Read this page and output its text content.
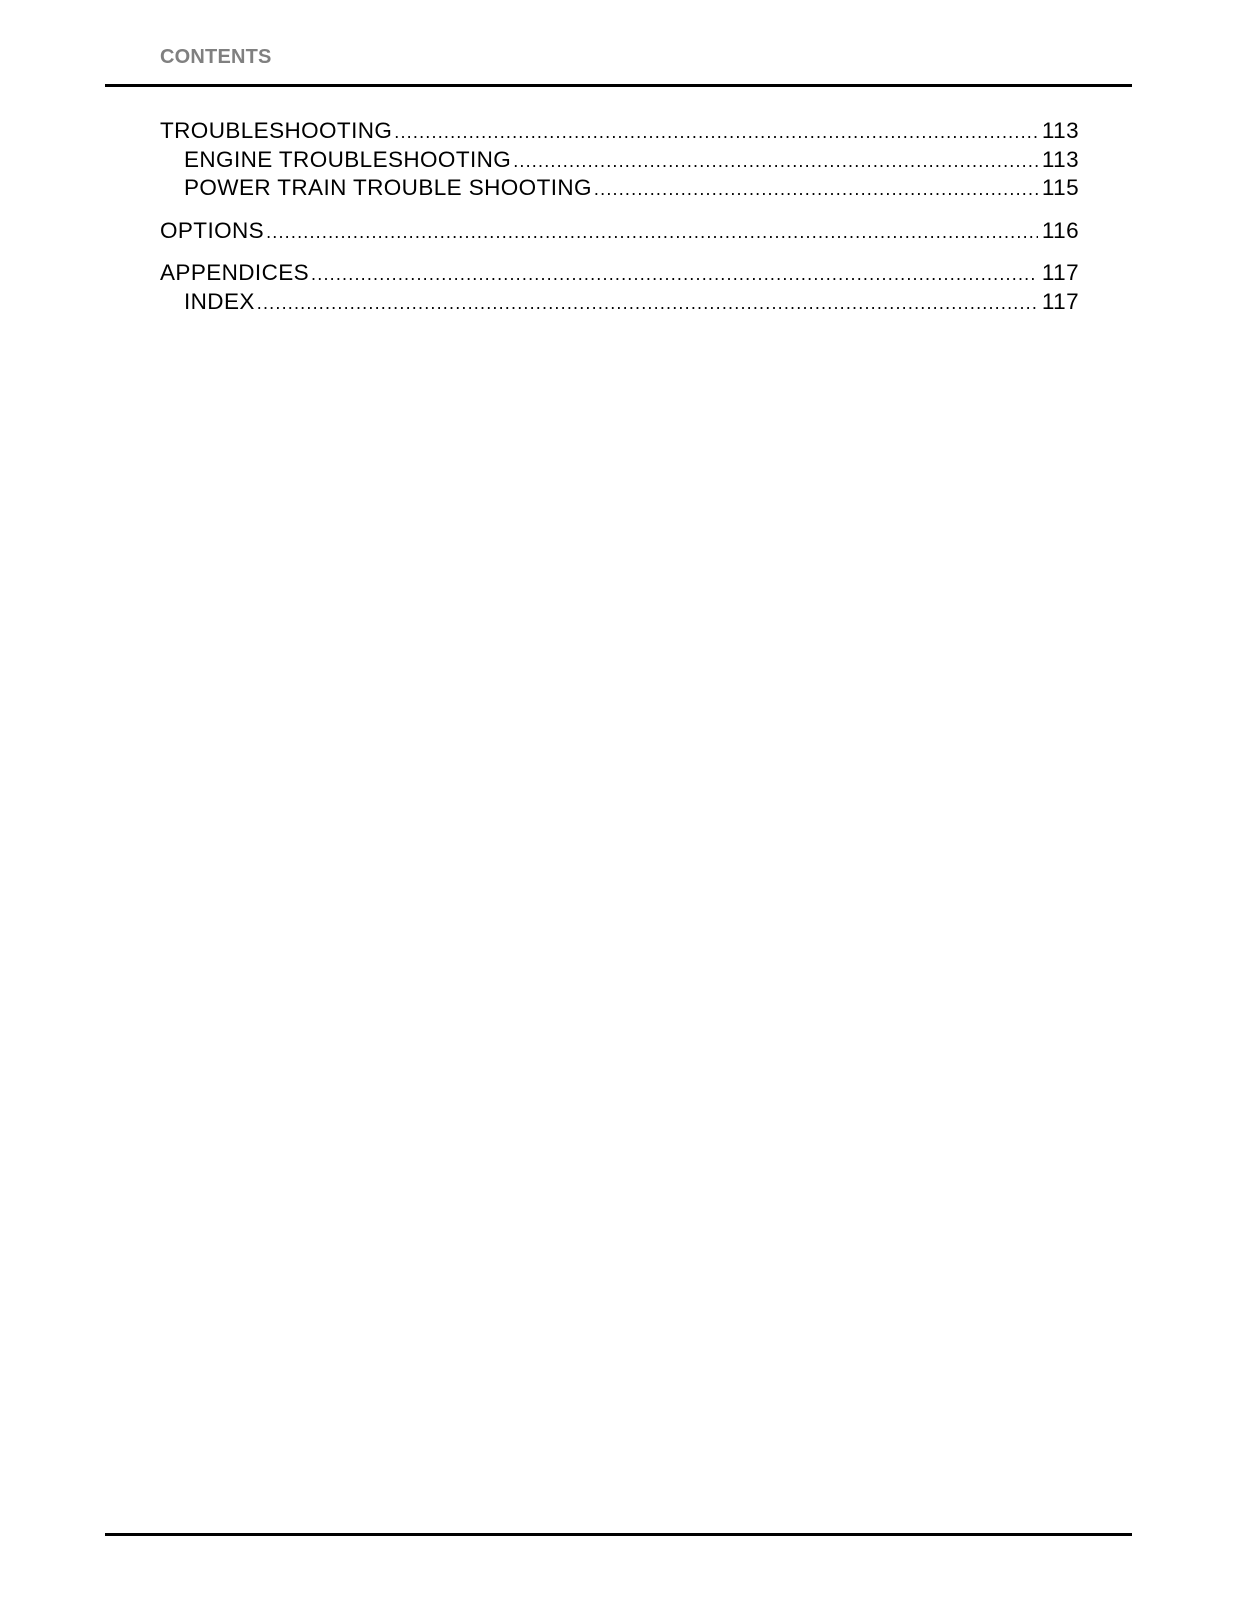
CONTENTS
TROUBLESHOOTING .....	113
ENGINE TROUBLESHOOTING .....	113
POWER TRAIN TROUBLE SHOOTING .....	115
OPTIONS .....	116
APPENDICES .....	117
INDEX .....	117
